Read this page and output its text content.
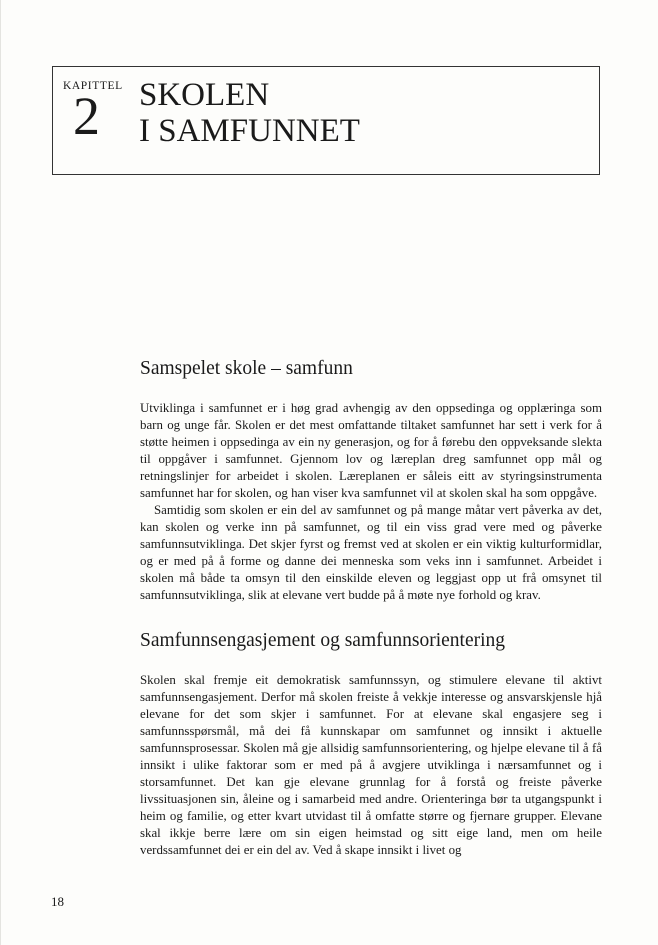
KAPITTEL
2 SKOLEN
I SAMFUNNET
Samspelet skole – samfunn

Utviklinga i samfunnet er i høg grad avhengig av den oppsedinga og opplæringa som barn og unge får. Skolen er det mest omfattande tiltaket samfunnet har sett i verk for å støtte heimen i oppsedinga av ein ny generasjon, og for å førebu den oppveksande slekta til oppgåver i samfunnet. Gjennom lov og læreplan dreg samfunnet opp mål og retningslinjer for arbeidet i skolen. Læreplanen er såleis eitt av styringsinstrumenta samfunnet har for skolen, og han viser kva samfunnet vil at skolen skal ha som oppgåve.

Samtidig som skolen er ein del av samfunnet og på mange måtar vert påverka av det, kan skolen og verke inn på samfunnet, og til ein viss grad vere med og påverke samfunnsutviklinga. Det skjer fyrst og fremst ved at skolen er ein viktig kulturformidlar, og er med på å forme og danne dei menneska som veks inn i samfunnet. Arbeidet i skolen må både ta omsyn til den einskilde eleven og leggjast opp ut frå omsynet til samfunnsutviklinga, slik at elevane vert budde på å møte nye forhold og krav.

Samfunnsengasjement og samfunnsorientering

Skolen skal fremje eit demokratisk samfunnssyn, og stimulere elevane til aktivt samfunnsengasjement. Derfor må skolen freiste å vekkje interesse og ansvarskjensle hjå elevane for det som skjer i samfunnet. For at elevane skal engasjere seg i samfunnsspørsmål, må dei få kunnskapar om samfunnet og innsikt i aktuelle samfunnsprosessar. Skolen må gje allsidig samfunnsorientering, og hjelpe elevane til å få innsikt i ulike faktorar som er med på å avgjere utviklinga i nærsamfunnet og i storsamfunnet. Det kan gje elevane grunnlag for å forstå og freiste påverke livssituasjonen sin, åleine og i samarbeid med andre. Orienteringa bør ta utgangspunkt i heim og familie, og etter kvart utvidast til å omfatte større og fjernare grupper. Elevane skal ikkje berre lære om sin eigen heimstad og sitt eige land, men om heile verdssamfunnet dei er ein del av. Ved å skape innsikt i livet og

18
